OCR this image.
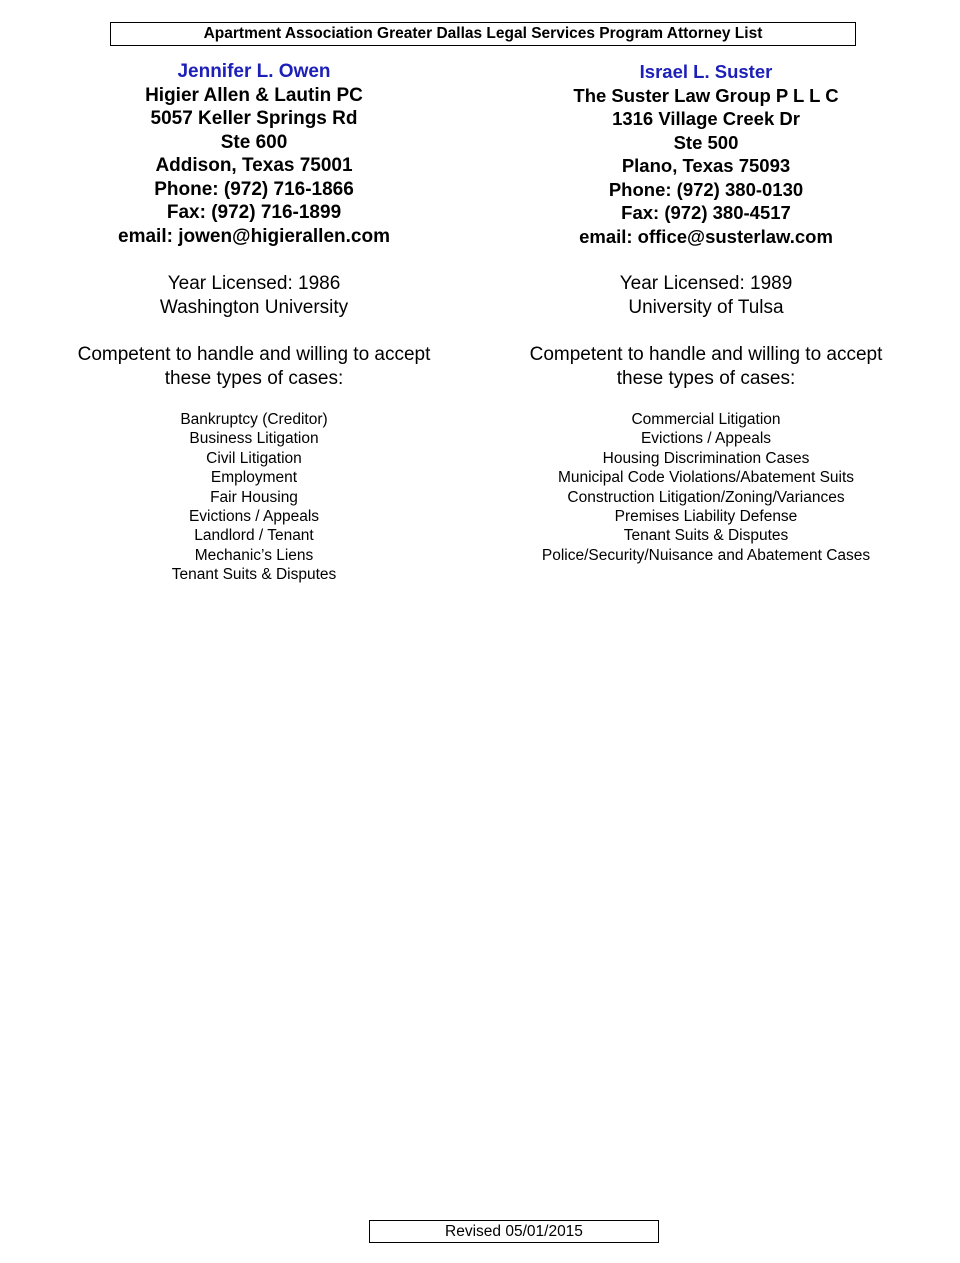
Apartment Association Greater Dallas Legal Services Program Attorney List
Jennifer L. Owen
Higier Allen & Lautin PC
5057 Keller Springs Rd
Ste 600
Addison, Texas 75001
Phone: (972) 716-1866
Fax: (972) 716-1899
email: jowen@higierallen.com
Year Licensed: 1986
Washington University
Competent to handle and willing to accept
these types of cases:
Bankruptcy (Creditor)
Business Litigation
Civil Litigation
Employment
Fair Housing
Evictions / Appeals
Landlord / Tenant
Mechanic’s Liens
Tenant Suits & Disputes
Israel L. Suster
The Suster Law Group P L L C
1316 Village Creek Dr
Ste 500
Plano, Texas 75093
Phone: (972) 380-0130
Fax: (972) 380-4517
email: office@susterlaw.com
Year Licensed: 1989
University of Tulsa
Competent to handle and willing to accept
these types of cases:
Commercial Litigation
Evictions / Appeals
Housing Discrimination Cases
Municipal Code Violations/Abatement Suits
Construction Litigation/Zoning/Variances
Premises Liability Defense
Tenant Suits & Disputes
Police/Security/Nuisance and Abatement Cases
Revised 05/01/2015
